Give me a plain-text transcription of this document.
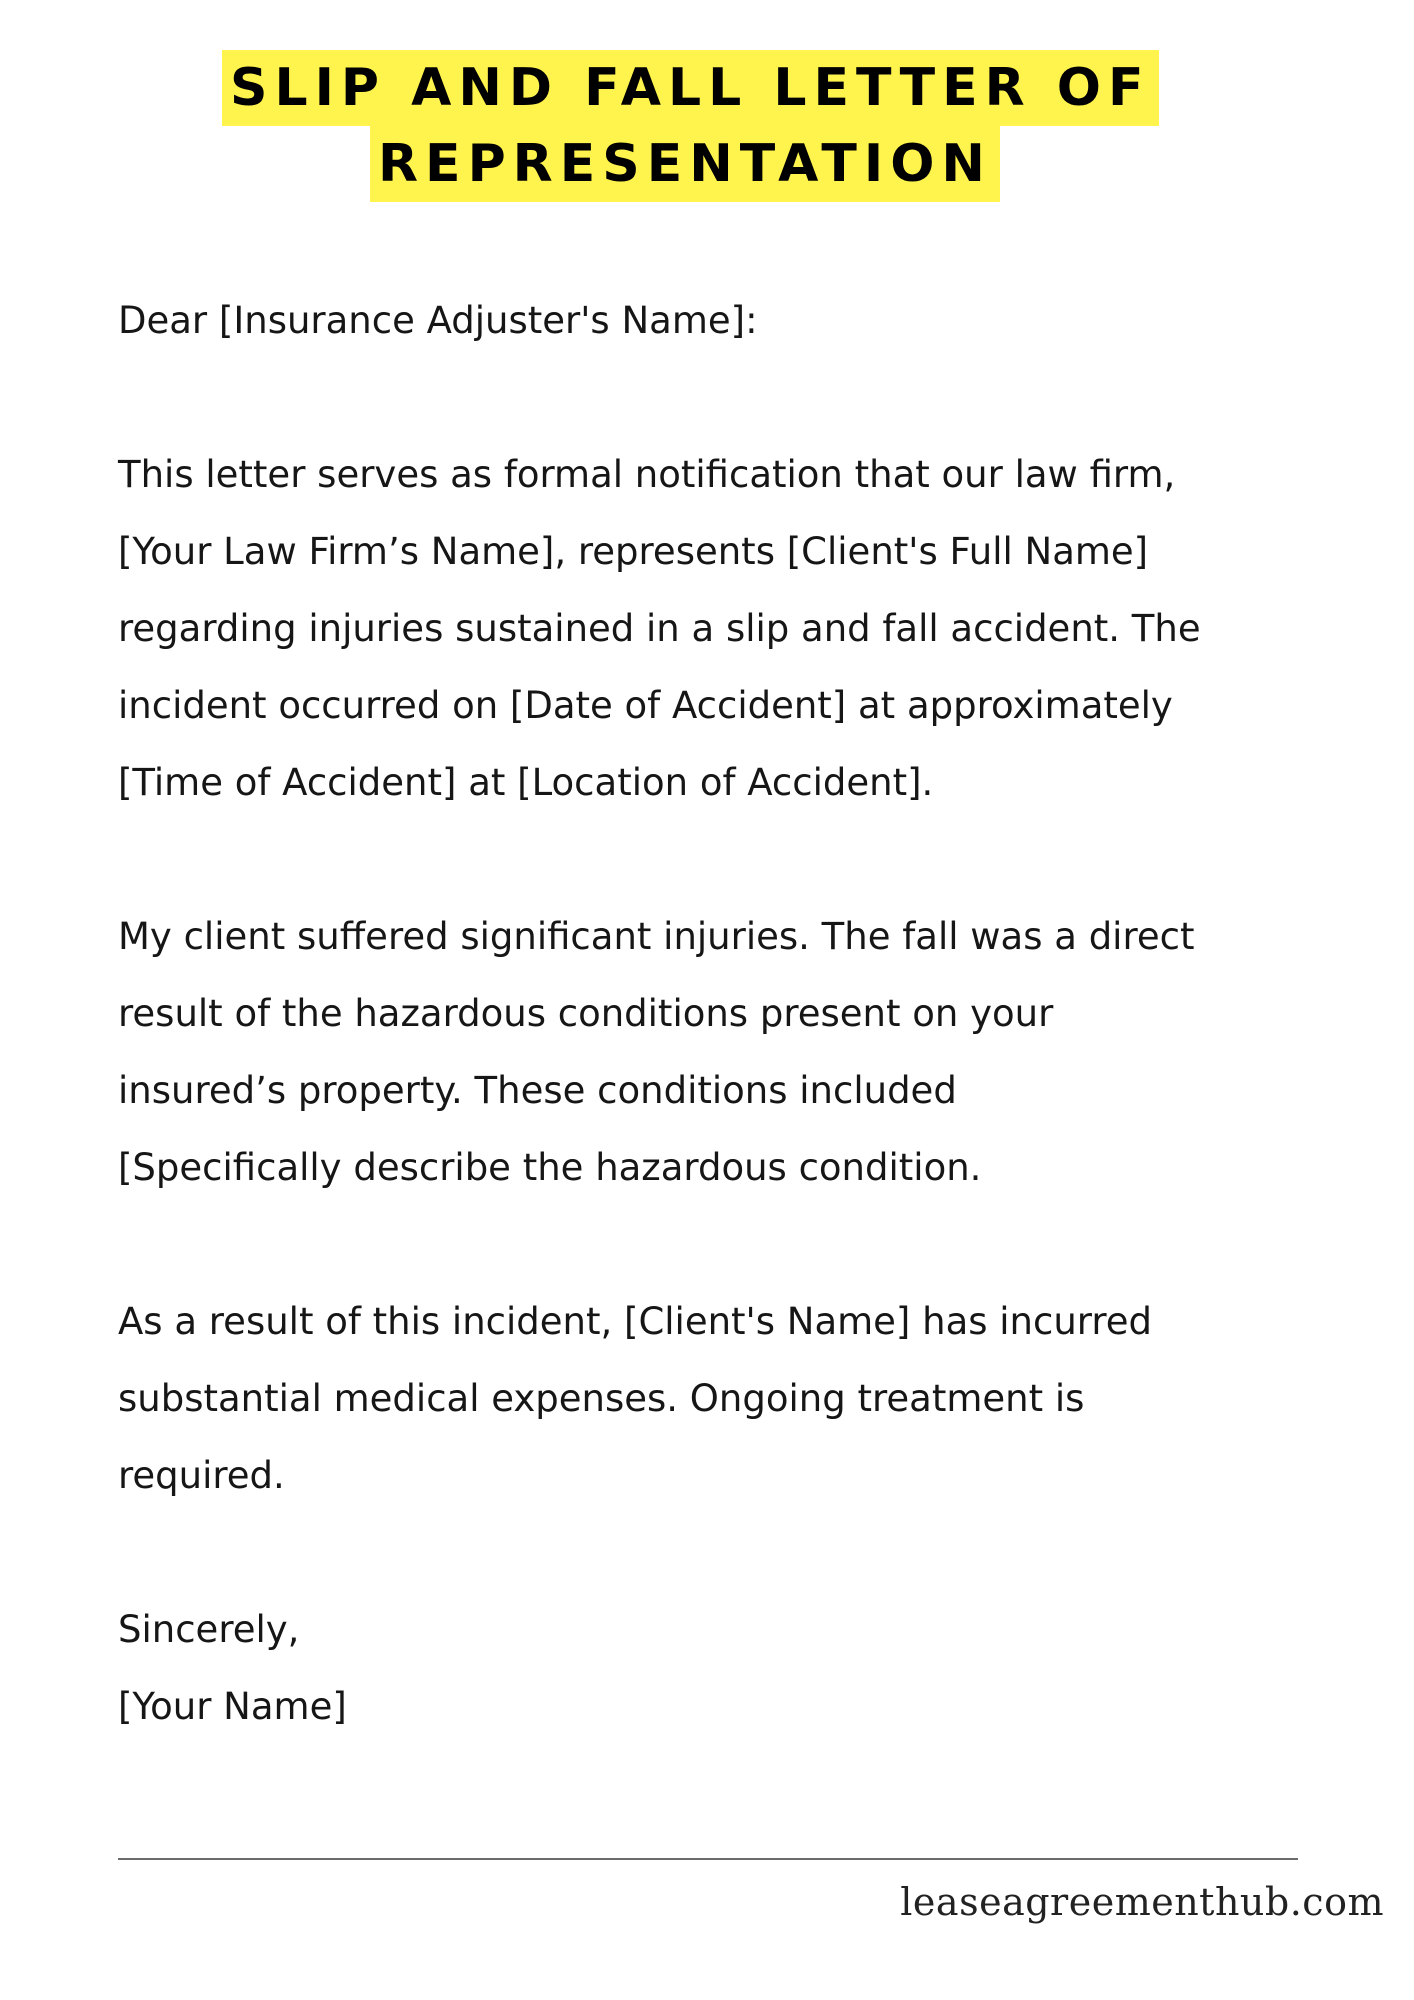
SLIP AND FALL LETTER OF
REPRESENTATION

Dear [Insurance Adjuster's Name]:

This letter serves as formal notification that our law firm,

[Your Law Firm’s Name], represents [Client's Full Name]

regarding injuries sustained in a slip and fall accident. The

incident occurred on [Date of Accident] at approximately

[Time of Accident] at [Location of Accident].

My client suffered significant injuries. The fall was a direct

result of the hazardous conditions present on your

insured’s property. These conditions included

[Specifically describe the hazardous condition.

As a result of this incident, [Client's Name] has incurred

substantial medical expenses. Ongoing treatment is

required.

Sincerely,

[Your Name]

leaseagreementhub.com
